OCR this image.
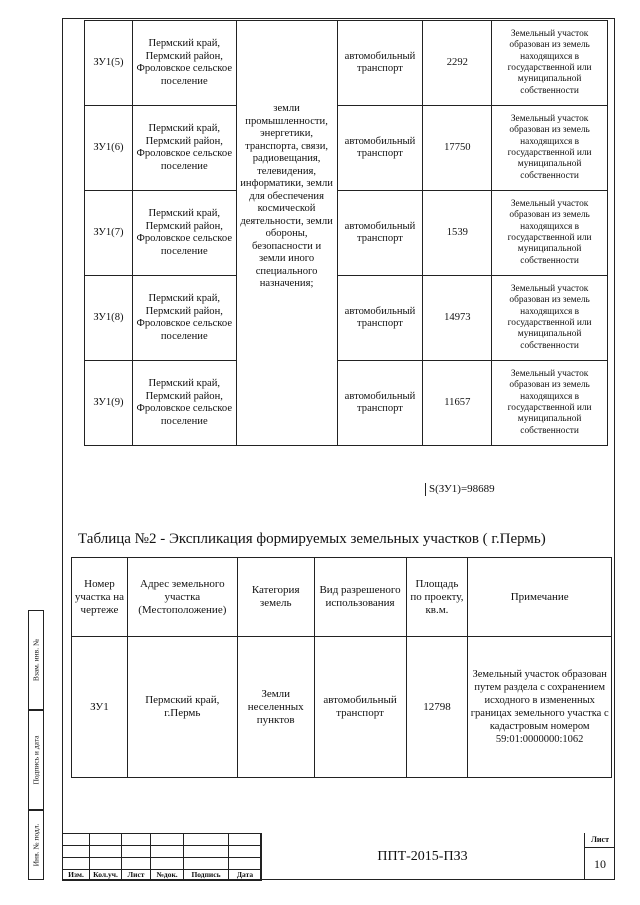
ЗУ1(5)	Пермский край, Пермский район, Фроловское сельское поселение	земли промышленности, энергетики, транспорта, связи, радиовещания, телевидения, информатики, земли для обеспечения космической деятельности, земли обороны, безопасности и земли иного специального назначения;	автомобильный транспорт	2292	Земельный участок образован из земель находящихся в государственной или муниципальной собственности
ЗУ1(6)	Пермский край, Пермский район, Фроловское сельское поселение		автомобильный транспорт	17750	Земельный участок образован из земель находящихся в государственной или муниципальной собственности
ЗУ1(7)	Пермский край, Пермский район, Фроловское сельское поселение		автомобильный транспорт	1539	Земельный участок образован из земель находящихся в государственной или муниципальной собственности
ЗУ1(8)	Пермский край, Пермский район, Фроловское сельское поселение		автомобильный транспорт	14973	Земельный участок образован из земель находящихся в государственной или муниципальной собственности
ЗУ1(9)	Пермский край, Пермский район, Фроловское сельское поселение		автомобильный транспорт	11657	Земельный участок образован из земель находящихся в государственной или муниципальной собственности
S(ЗУ1)=98689
Таблица №2 - Экспликация формируемых земельных участков ( г.Пермь)
Номер участка на чертеже	Адрес земельного участка (Местоположение)	Категория земель	Вид разрешеного использования	Площадь по проекту, кв.м.	Примечание
ЗУ1	Пермский край, г.Пермь	Земли неселенных пунктов	автомобильный транспорт	12798	Земельный участок образован путем раздела с сохранением исходного в измененных границах земельного участка с кадастровым номером 59:01:0000000:1062
Взам. инв. №
Подпись и дата
Инв. № подл.
Изм.	Кол.уч.	Лист	№док.	Подпись	Дата
ППТ-2015-ПЗ3
Лист
10
